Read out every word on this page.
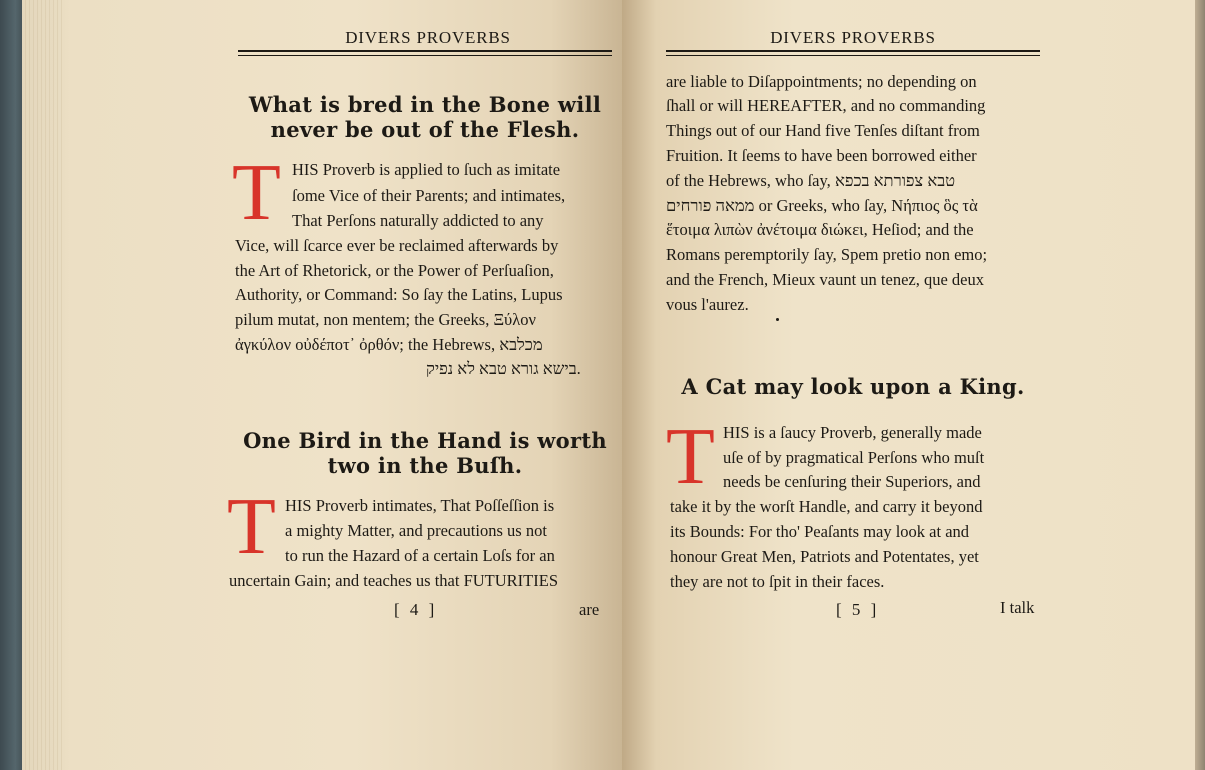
DIVERS PROVERBS
What is bred in the Bone will
never be out of the Flesh.
T HIS Proverb is applied to ſuch as imitate
ſome Vice of their Parents; and intimates,
That Perſons naturally addicted to any
Vice, will ſcarce ever be reclaimed afterwards by
the Art of Rhetorick, or the Power of Perſuaſion,
Authority, or Command: So ſay the Latins, Lupus
pilum mutat, non mentem; the Greeks, Ξύλον
ἀγκύλον οὐδέποτ᾽ ὀρθόν; the Hebrews, מכלבא
בישא גורא טבא לא נפיק.
One Bird in the Hand is worth
two in the Buſh.
T HIS Proverb intimates, That Poſſeſſion is
a mighty Matter, and precautions us not
to run the Hazard of a certain Loſs for an
uncertain Gain; and teaches us that FUTURITIES
[ 4 ]	are
DIVERS PROVERBS
are liable to Diſappointments; no depending on
ſhall or will HEREAFTER, and no commanding
Things out of our Hand five Tenſes diſtant from
Fruition. It ſeems to have been borrowed either
of the Hebrews, who ſay, טבא צפורתא בכפא
ממאה פורחים or Greeks, who ſay, Νήπιος ὃς τὰ
ἕτοιμα λιπὼν ἀνέτοιμα διώκει, Heſiod; and the
Romans peremptorily ſay, Spem pretio non emo;
and the French, Mieux vaunt un tenez, que deux
vous l'aurez.
A Cat may look upon a King.
T HIS is a ſaucy Proverb, generally made
uſe of by pragmatical Perſons who muſt
needs be cenſuring their Superiors, and
take it by the worſt Handle, and carry it beyond
its Bounds: For tho' Peaſants may look at and
honour Great Men, Patriots and Potentates, yet
they are not to ſpit in their faces.
[ 5 ]	I talk
